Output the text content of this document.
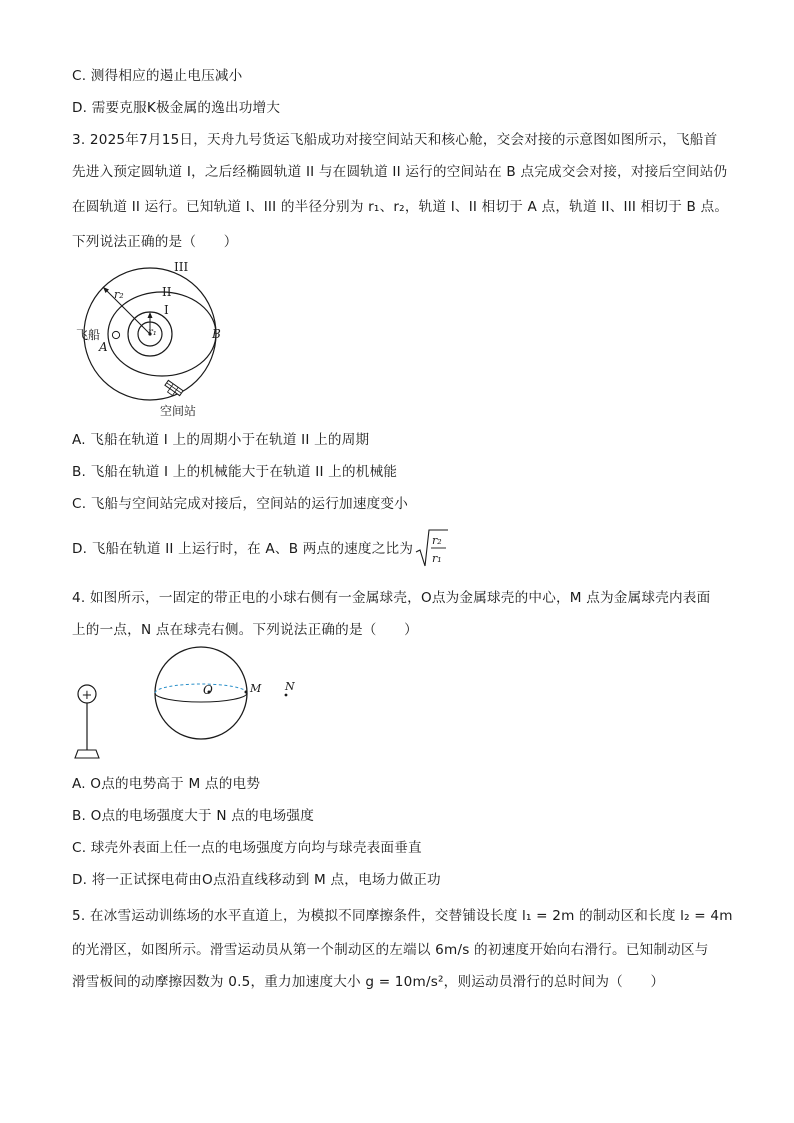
C. 测得相应的遏止电压减小
D. 需要克服K极金属的逸出功增大
3. 2025年7月15日，天舟九号货运飞船成功对接空间站天和核心舱，交会对接的示意图如图所示，飞船首
先进入预定圆轨道 I，之后经椭圆轨道 II 与在圆轨道 II 运行的空间站在 B 点完成交会对接，对接后空间站仍
在圆轨道 II 运行。已知轨道 I、III 的半径分别为 r₁、r₂，轨道 I、II 相切于 A 点，轨道 II、III 相切于 B 点。
下列说法正确的是（　　）
III
II
I
r₂
r₁
飞船
A
B
空间站
A. 飞船在轨道 I 上的周期小于在轨道 II 上的周期
B. 飞船在轨道 I 上的机械能大于在轨道 II 上的机械能
C. 飞船与空间站完成对接后，空间站的运行加速度变小
D. 飞船在轨道 II 上运行时，在 A、B 两点的速度之比为
r₂
r₁
4. 如图所示，一固定的带正电的小球右侧有一金属球壳，O点为金属球壳的中心，M 点为金属球壳内表面
上的一点，N 点在球壳右侧。下列说法正确的是（　　）
+	O	M N
A. O点的电势高于 M 点的电势
B. O点的电场强度大于 N 点的电场强度
C. 球壳外表面上任一点的电场强度方向均与球壳表面垂直
D. 将一正试探电荷由O点沿直线移动到 M 点，电场力做正功
5. 在冰雪运动训练场的水平直道上，为模拟不同摩擦条件，交替铺设长度 l₁ = 2m 的制动区和长度 l₂ = 4m
的光滑区，如图所示。滑雪运动员从第一个制动区的左端以 6m/s 的初速度开始向右滑行。已知制动区与
滑雪板间的动摩擦因数为 0.5，重力加速度大小 g = 10m/s²，则运动员滑行的总时间为（　　）
